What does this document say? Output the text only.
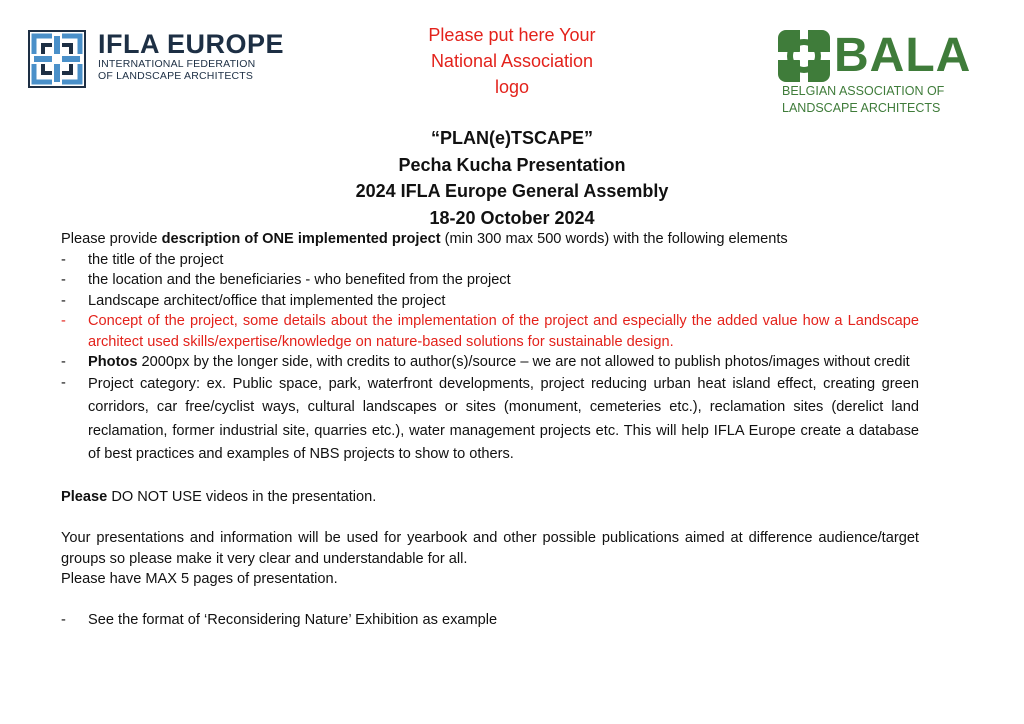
IFLA EUROPE
INTERNATIONAL FEDERATION
OF LANDSCAPE ARCHITECTS
Please put here Your
National Association
logo
BALA
BELGIAN ASSOCIATION OF
LANDSCAPE ARCHITECTS
“PLAN(e)TSCAPE”
Pecha Kucha Presentation
2024 IFLA Europe General Assembly
18-20 October 2024

Please provide description of ONE implemented project (min 300 max 500 words) with the following elements

-	the title of the project
-	the location and the beneficiaries - who benefited from the project
-	Landscape architect/office that implemented the project
-	Concept of the project, some details about the implementation of the project and especially the added value how a Landscape architect used skills/expertise/knowledge on nature-based solutions for sustainable design.
-	Photos 2000px by the longer side, with credits to author(s)/source – we are not allowed to publish photos/images without credit
-	Project category: ex. Public space, park, waterfront developments, project reducing urban heat island effect, creating green corridors, car free/cyclist ways, cultural landscapes or sites (monument, cemeteries etc.), reclamation sites (derelict land reclamation, former industrial site, quarries etc.), water management projects etc. This will help IFLA Europe create a database of best practices and examples of NBS projects to show to others.

Please DO NOT USE videos in the presentation.

Your presentations and information will be used for yearbook and other possible publications aimed at difference audience/target groups so please make it very clear and understandable for all.

Please have MAX 5 pages of presentation.

-	See the format of ‘Reconsidering Nature’ Exhibition as example
